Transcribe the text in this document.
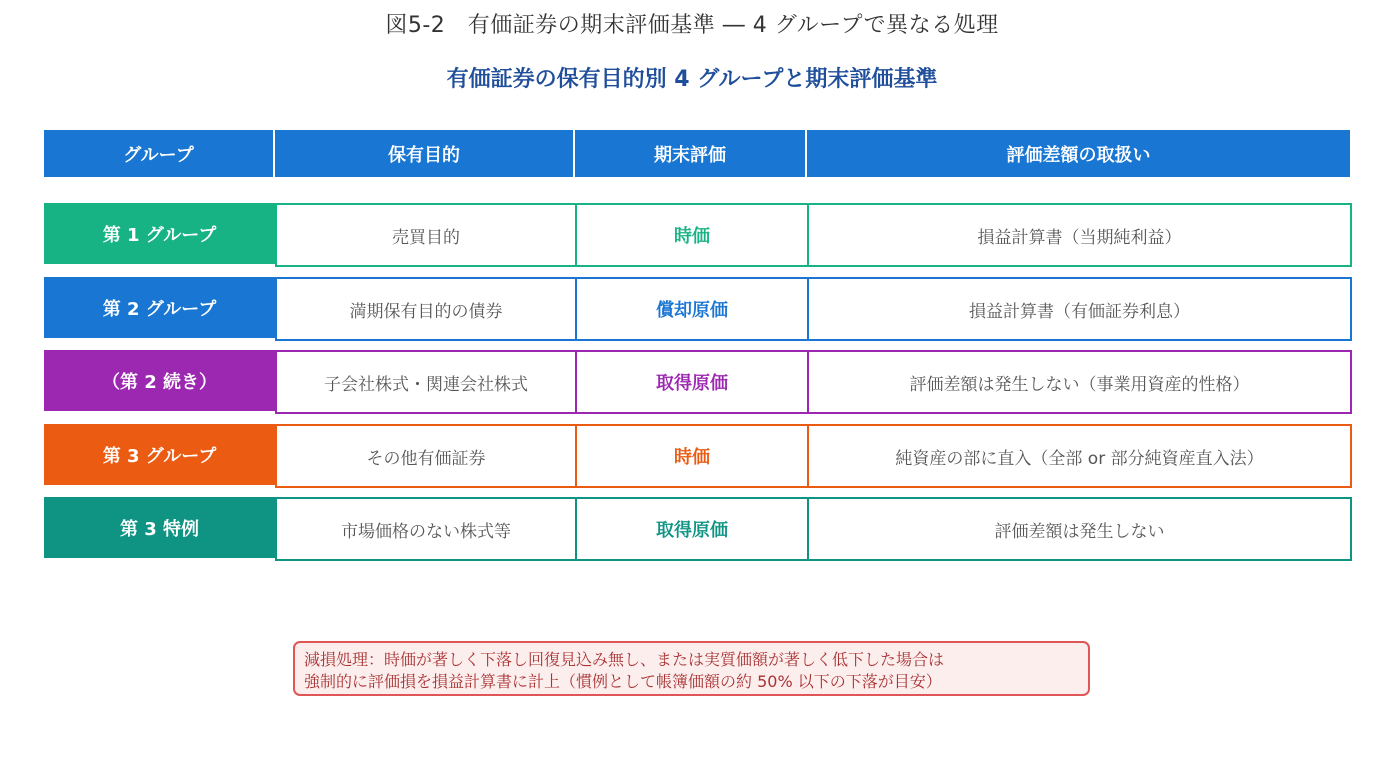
図5-2　有価証券の期末評価基準 ― 4 グループで異なる処理
有価証券の保有目的別 4 グループと期末評価基準
グループ	保有目的	期末評価	評価差額の取扱い
第 1 グループ	売買目的	時価	損益計算書（当期純利益）
第 2 グループ	満期保有目的の債券	償却原価	損益計算書（有価証券利息）
（第 2 続き）	子会社株式・関連会社株式	取得原価	評価差額は発生しない（事業用資産的性格）
第 3 グループ	その他有価証券	時価	純資産の部に直入（全部 or 部分純資産直入法）
第 3 特例	市場価格のない株式等	取得原価	評価差額は発生しない
減損処理：時価が著しく下落し回復見込み無し、または実質価額が著しく低下した場合は
強制的に評価損を損益計算書に計上（慣例として帳簿価額の約 50% 以下の下落が目安）
